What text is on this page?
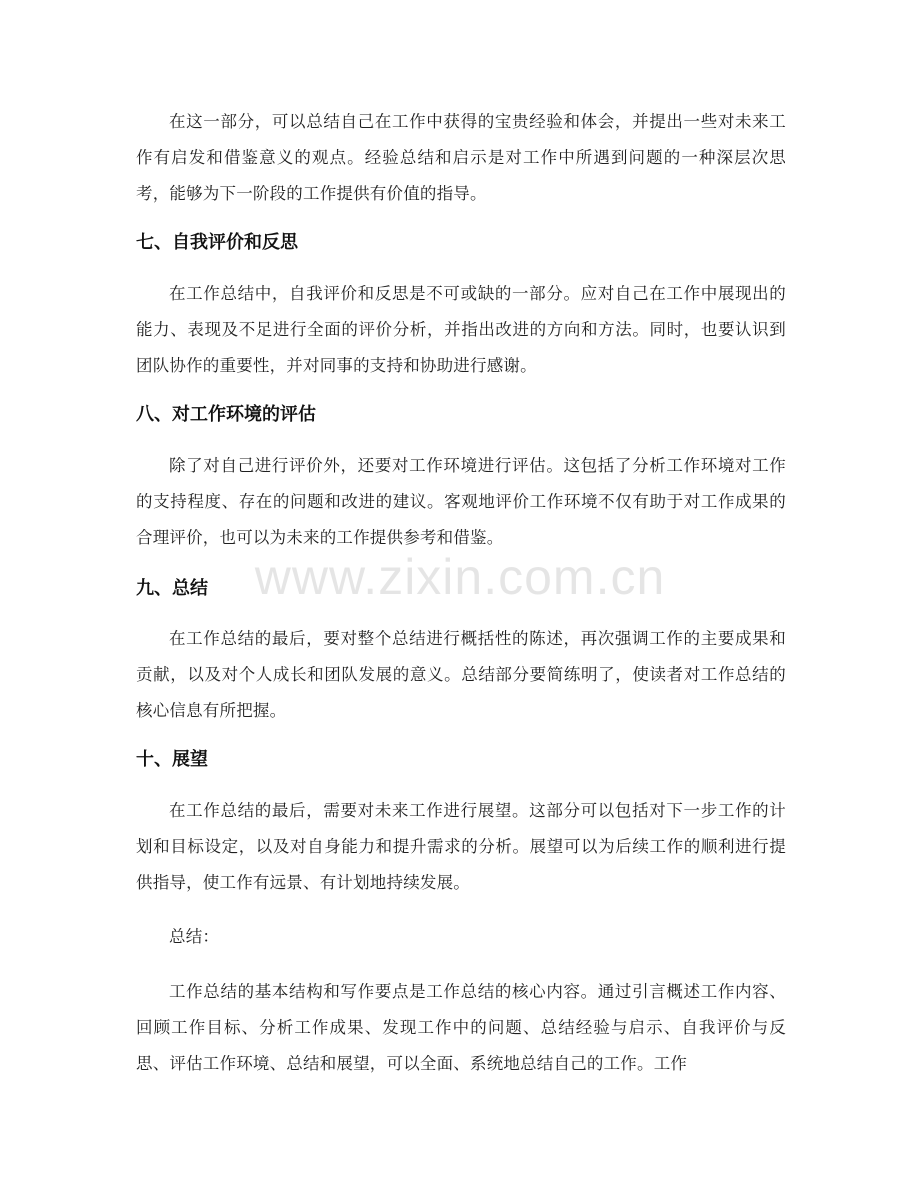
在这一部分，可以总结自己在工作中获得的宝贵经验和体会，并提出一些对未来工作有启发和借鉴意义的观点。经验总结和启示是对工作中所遇到问题的一种深层次思考，能够为下一阶段的工作提供有价值的指导。

七、自我评价和反思

在工作总结中，自我评价和反思是不可或缺的一部分。应对自己在工作中展现出的能力、表现及不足进行全面的评价分析，并指出改进的方向和方法。同时，也要认识到团队协作的重要性，并对同事的支持和协助进行感谢。

八、对工作环境的评估

除了对自己进行评价外，还要对工作环境进行评估。这包括了分析工作环境对工作的支持程度、存在的问题和改进的建议。客观地评价工作环境不仅有助于对工作成果的合理评价，也可以为未来的工作提供参考和借鉴。

九、总结

在工作总结的最后，要对整个总结进行概括性的陈述，再次强调工作的主要成果和贡献，以及对个人成长和团队发展的意义。总结部分要简练明了，使读者对工作总结的核心信息有所把握。

十、展望

在工作总结的最后，需要对未来工作进行展望。这部分可以包括对下一步工作的计划和目标设定，以及对自身能力和提升需求的分析。展望可以为后续工作的顺利进行提供指导，使工作有远景、有计划地持续发展。

总结：

工作总结的基本结构和写作要点是工作总结的核心内容。通过引言概述工作内容、回顾工作目标、分析工作成果、发现工作中的问题、总结经验与启示、自我评价与反思、评估工作环境、总结和展望，可以全面、系统地总结自己的工作。工作

www.zixin.com.cn
